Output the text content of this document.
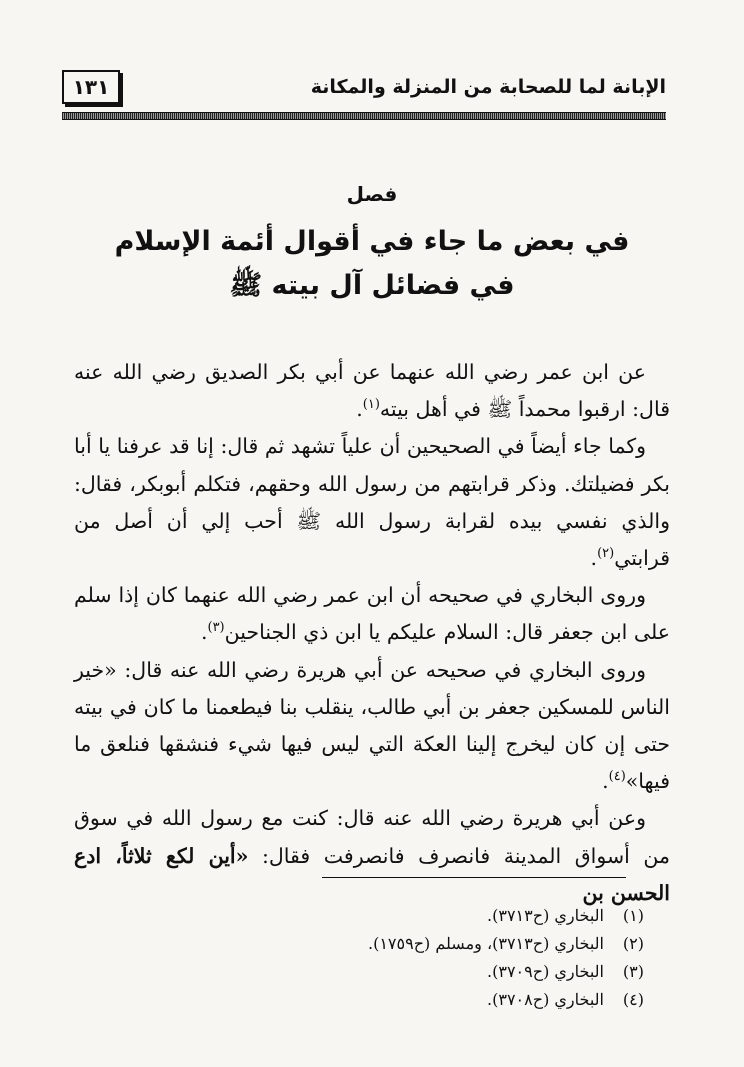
١٣١	الإبانة لما للصحابة من المنزلة والمكانة
فصل
في بعض ما جاء في أقوال أئمة الإسلام
في فضائل آل بيته ﷺ

عن ابن عمر رضي الله عنهما عن أبي بكر الصديق رضي الله عنه قال: ارقبوا محمداً ﷺ في أهل بيته$^{(١)}$.

وكما جاء أيضاً في الصحيحين أن علياً تشهد ثم قال: إنا قد عرفنا يا أبا بكر فضيلتك. وذكر قرابتهم من رسول الله وحقهم، فتكلم أبوبكر، فقال: والذي نفسي بيده لقرابة رسول الله ﷺ أحب إلي أن أصل من قرابتي$^{(٢)}$.

وروى البخاري في صحيحه أن ابن عمر رضي الله عنهما كان إذا سلم على ابن جعفر قال: السلام عليكم يا ابن ذي الجناحين$^{(٣)}$.

وروى البخاري في صحيحه عن أبي هريرة رضي الله عنه قال: «خير الناس للمسكين جعفر بن أبي طالب، ينقلب بنا فيطعمنا ما كان في بيته حتى إن كان ليخرج إلينا العكة التي ليس فيها شيء فنشقها فنلعق ما فيها»$^{(٤)}$.

وعن أبي هريرة رضي الله عنه قال: كنت مع رسول الله في سوق من أسواق المدينة فانصرف فانصرفت فقال: «أين لكع ثلاثاً، ادع الحسن بن

(١)البخاري (ح٣٧١٣).
(٢)البخاري (ح٣٧١٣)، ومسلم (ح١٧٥٩).
(٣)البخاري (ح٣٧٠٩).
(٤)البخاري (ح٣٧٠٨).
